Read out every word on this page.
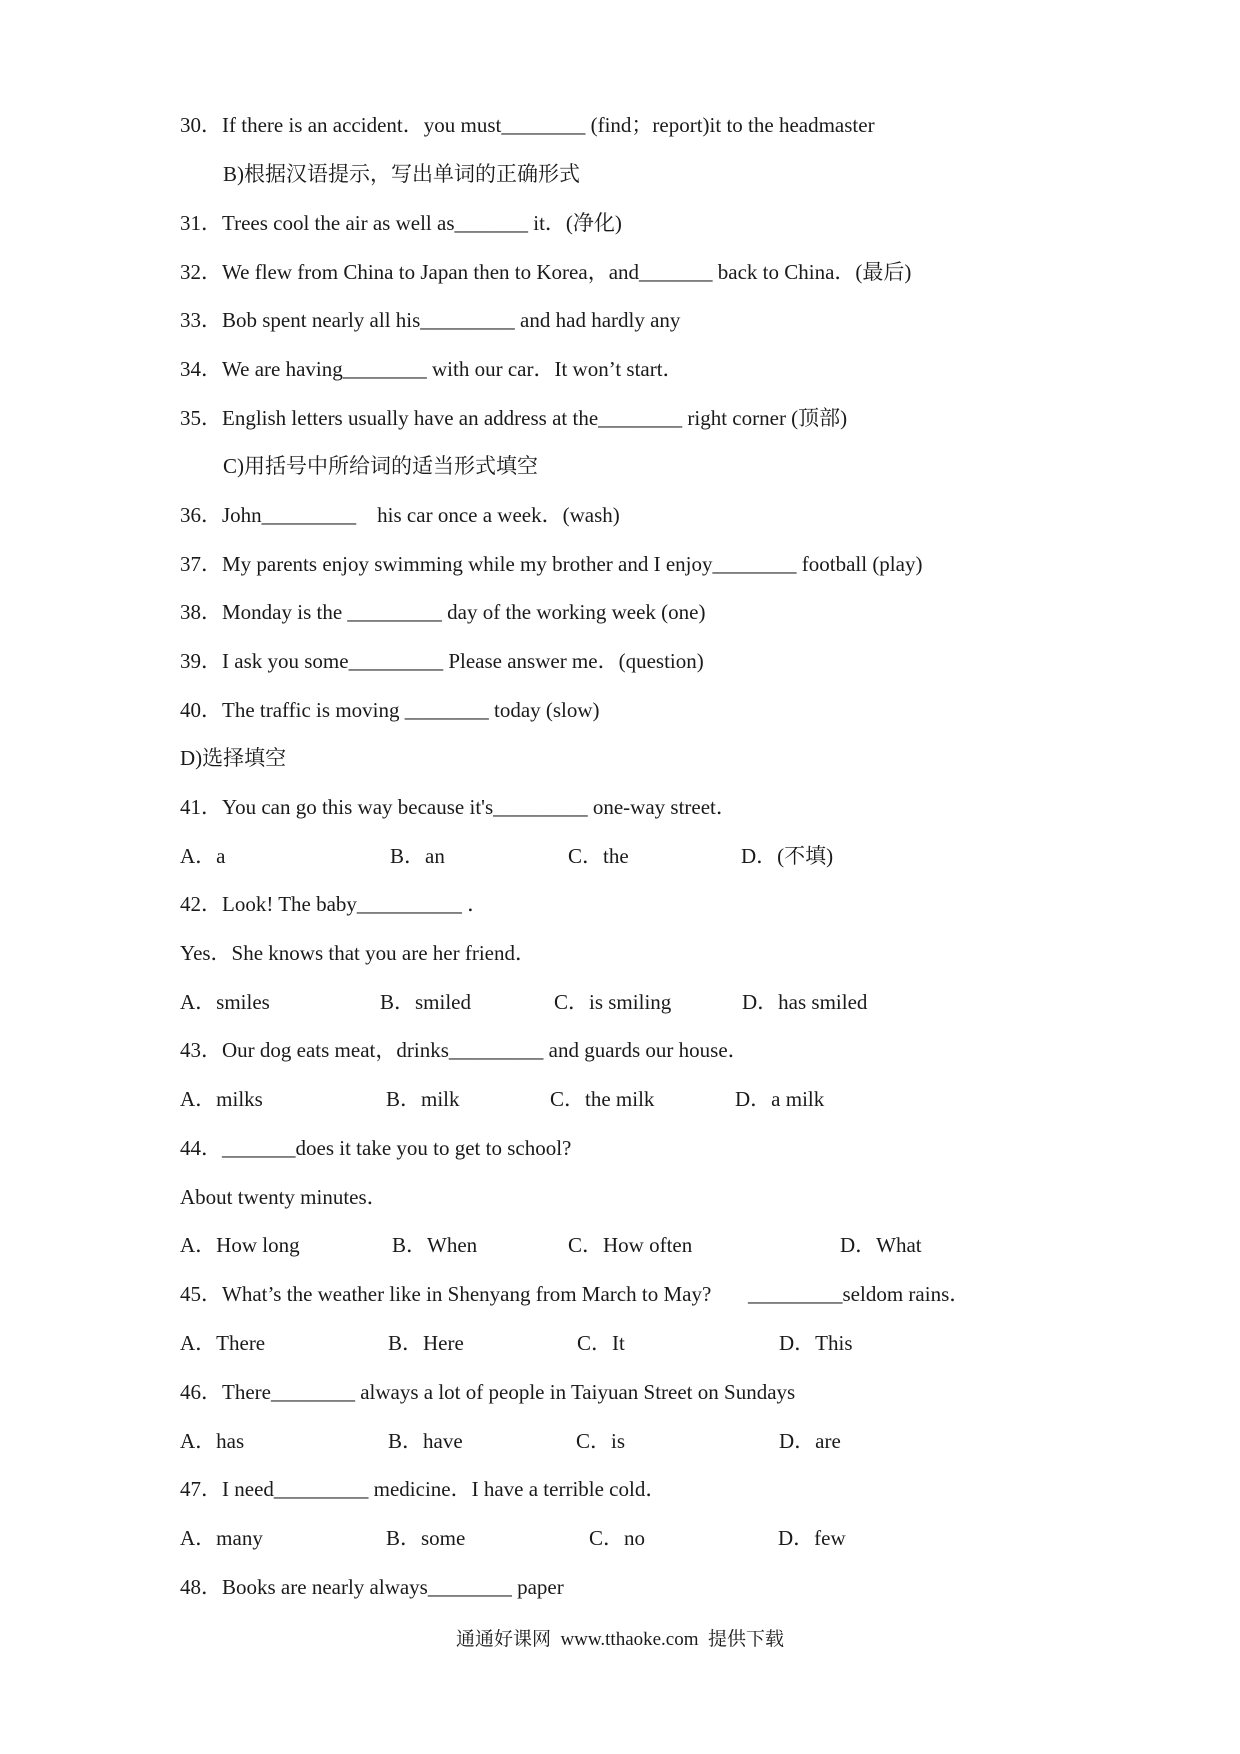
30．If there is an accident．you must________ (find；report)it to the headmaster
B)根据汉语提示，写出单词的正确形式
31．Trees cool the air as well as_______ it．(净化)
32．We flew from China to Japan then to Korea，and_______ back to China．(最后)
33．Bob spent nearly all his_________ and had hardly any
34．We are having________ with our car．It won’t start．
35．English letters usually have an address at the________ right corner (顶部)
C)用括号中所给词的适当形式填空
36．John_________    his car once a week．(wash)
37．My parents enjoy swimming while my brother and I enjoy________ football (play)
38．Monday is the _________ day of the working week (one)
39．I ask you some_________ Please answer me．(question)
40．The traffic is moving ________ today (slow)
D)选择填空
41．You can go this way because it's_________ one-way street．
A．a	B．an	C．the	D．(不填)
42．Look! The baby__________ ．
Yes．She knows that you are her friend．
A．smiles	B．smiled	C．is smiling	D．has smiled
43．Our dog eats meat，drinks_________ and guards our house．
A．milks	B．milk	C．the milk	D．a milk
44．_______does it take you to get to school?
About twenty minutes．
A．How long	B．When	C．How often	D．What
45．What’s the weather like in Shenyang from March to May?       _________seldom rains．
A．There	B．Here	C．It	D．This
46．There________ always a lot of people in Taiyuan Street on Sundays
A．has	B．have	C．is	D．are
47．I need_________ medicine．I have a terrible cold．
A．many	B．some	C．no	D．few
48．Books are nearly always________ paper
通通好课网  www.tthaoke.com  提供下载
